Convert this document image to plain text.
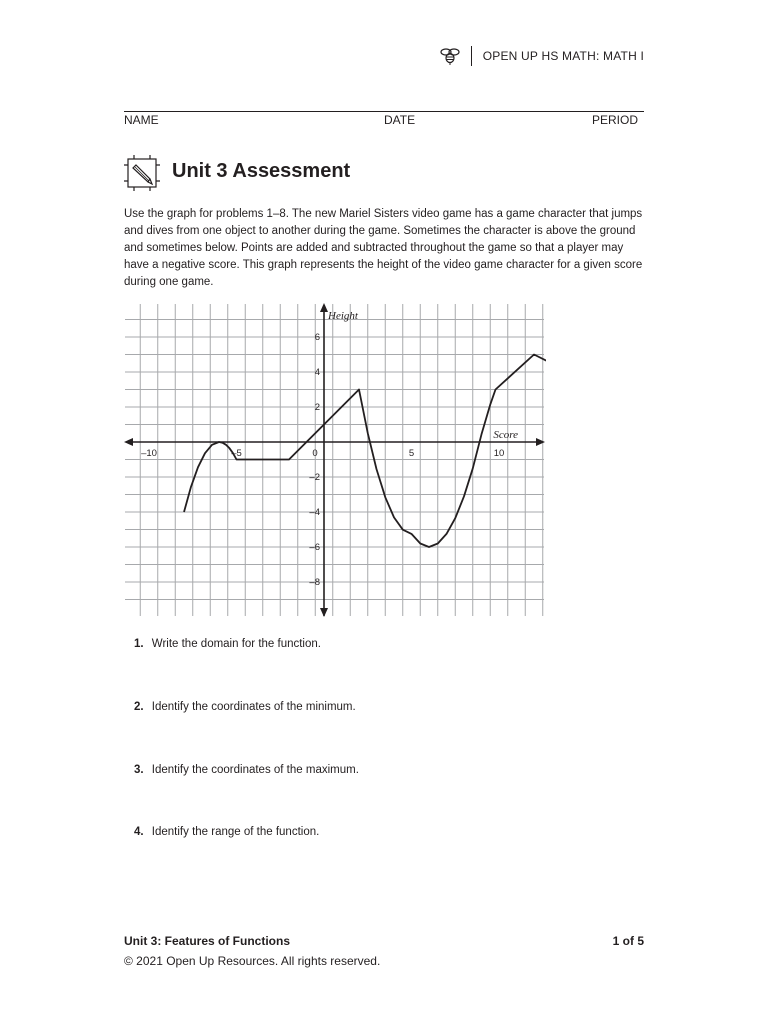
OPEN UP HS MATH: MATH I
NAME	DATE	PERIOD
Unit 3 Assessment

Use the graph for problems 1–8. The new Mariel Sisters video game has a game character that jumps and dives from one object to another during the game. Sometimes the character is above the ground and sometimes below. Points are added and subtracted throughout the game so that a player may have a negative score. This graph represents the height of the video game character for a given score during one game.

–10	–5	0	5	10
6
4
2
–2
–4
–6
–8
Score
Height
1. Write the domain for the function.
2. Identify the coordinates of the minimum.
3. Identify the coordinates of the maximum.
4. Identify the range of the function.
Unit 3: Features of Functions	1 of 5
© 2021 Open Up Resources. All rights reserved.
